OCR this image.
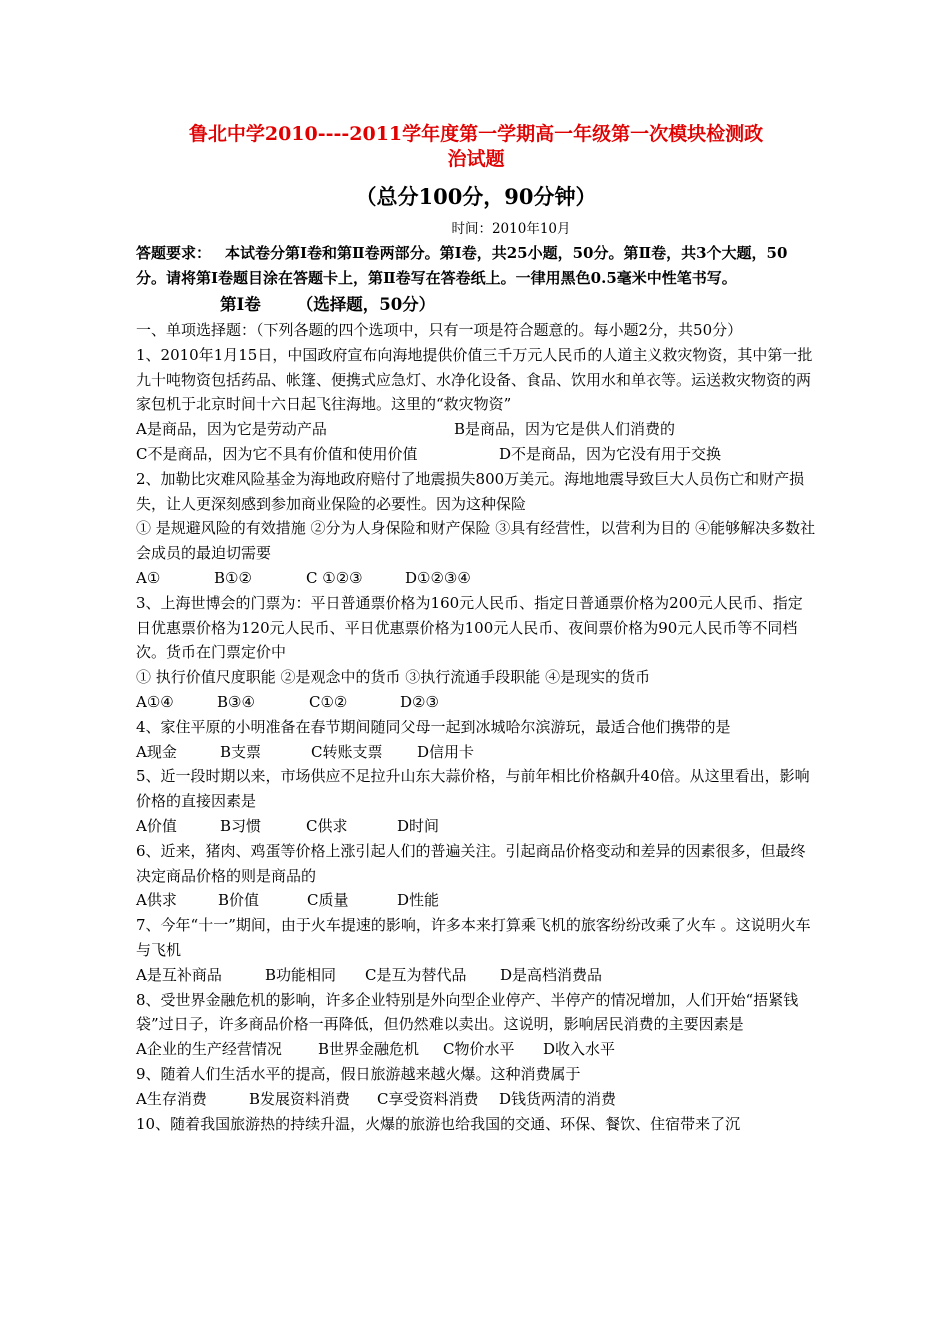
鲁北中学2010----2011学年度第一学期高一年级第一次模块检测政
治试题
（总分100分，90分钟）
时间：2010年10月

答题要求： 本试卷分第Ⅰ卷和第Ⅱ卷两部分。第Ⅰ卷，共25小题，50分。第Ⅱ卷，共3个大题，50分。请将第Ⅰ卷题目涂在答题卡上，第Ⅱ卷写在答卷纸上。一律用黑色0.5毫米中性笔书写。

第Ⅰ卷 （选择题，50分）

一、单项选择题：（下列各题的四个选项中，只有一项是符合题意的。每小题2分，共50分）

1、2010年1月15日，中国政府宣布向海地提供价值三千万元人民币的人道主义救灾物资，其中第一批九十吨物资包括药品、帐篷、便携式应急灯、水净化设备、食品、饮用水和单衣等。运送救灾物资的两家包机于北京时间十六日起飞往海地。这里的“救灾物资”

A是商品，因为它是劳动产品	B是商品，因为它是供人们消费的
C不是商品，因为它不具有价值和使用价值	D不是商品，因为它没有用于交换

2、加勒比灾难风险基金为海地政府赔付了地震损失800万美元。海地地震导致巨大人员伤亡和财产损失，让人更深刻感到参加商业保险的必要性。因为这种保险

① 是规避风险的有效措施 ②分为人身保险和财产保险 ③具有经营性，以营利为目的 ④能够解决多数社会成员的最迫切需要

A①	B①②	C ①②③	D①②③④

3、上海世博会的门票为：平日普通票价格为160元人民币、指定日普通票价格为200元人民币、指定日优惠票价格为120元人民币、平日优惠票价格为100元人民币、夜间票价格为90元人民币等不同档次。货币在门票定价中

① 执行价值尺度职能 ②是观念中的货币 ③执行流通手段职能 ④是现实的货币

A①④	B③④	C①②	D②③

4、家住平原的小明准备在春节期间随同父母一起到冰城哈尔滨游玩，最适合他们携带的是

A现金	B支票	C转账支票	D信用卡

5、近一段时期以来，市场供应不足拉升山东大蒜价格，与前年相比价格飙升40倍。从这里看出，影响价格的直接因素是

A价值	B习惯	C供求	D时间

6、近来，猪肉、鸡蛋等价格上涨引起人们的普遍关注。引起商品价格变动和差异的因素很多，但最终决定商品价格的则是商品的

A供求	B价值	C质量	D性能

7、今年“十一”期间，由于火车提速的影响，许多本来打算乘飞机的旅客纷纷改乘了火车 。这说明火车与飞机

A是互补商品	B功能相同	C是互为替代品	D是高档消费品

8、受世界金融危机的影响，许多企业特别是外向型企业停产、半停产的情况增加，人们开始“捂紧钱袋”过日子，许多商品价格一再降低，但仍然难以卖出。这说明，影响居民消费的主要因素是

A企业的生产经营情况	B世界金融危机	C物价水平	D收入水平

9、随着人们生活水平的提高，假日旅游越来越火爆。这种消费属于

A生存消费	B发展资料消费	C享受资料消费	D钱货两清的消费

10、随着我国旅游热的持续升温，火爆的旅游也给我国的交通、环保、餐饮、住宿带来了沉
